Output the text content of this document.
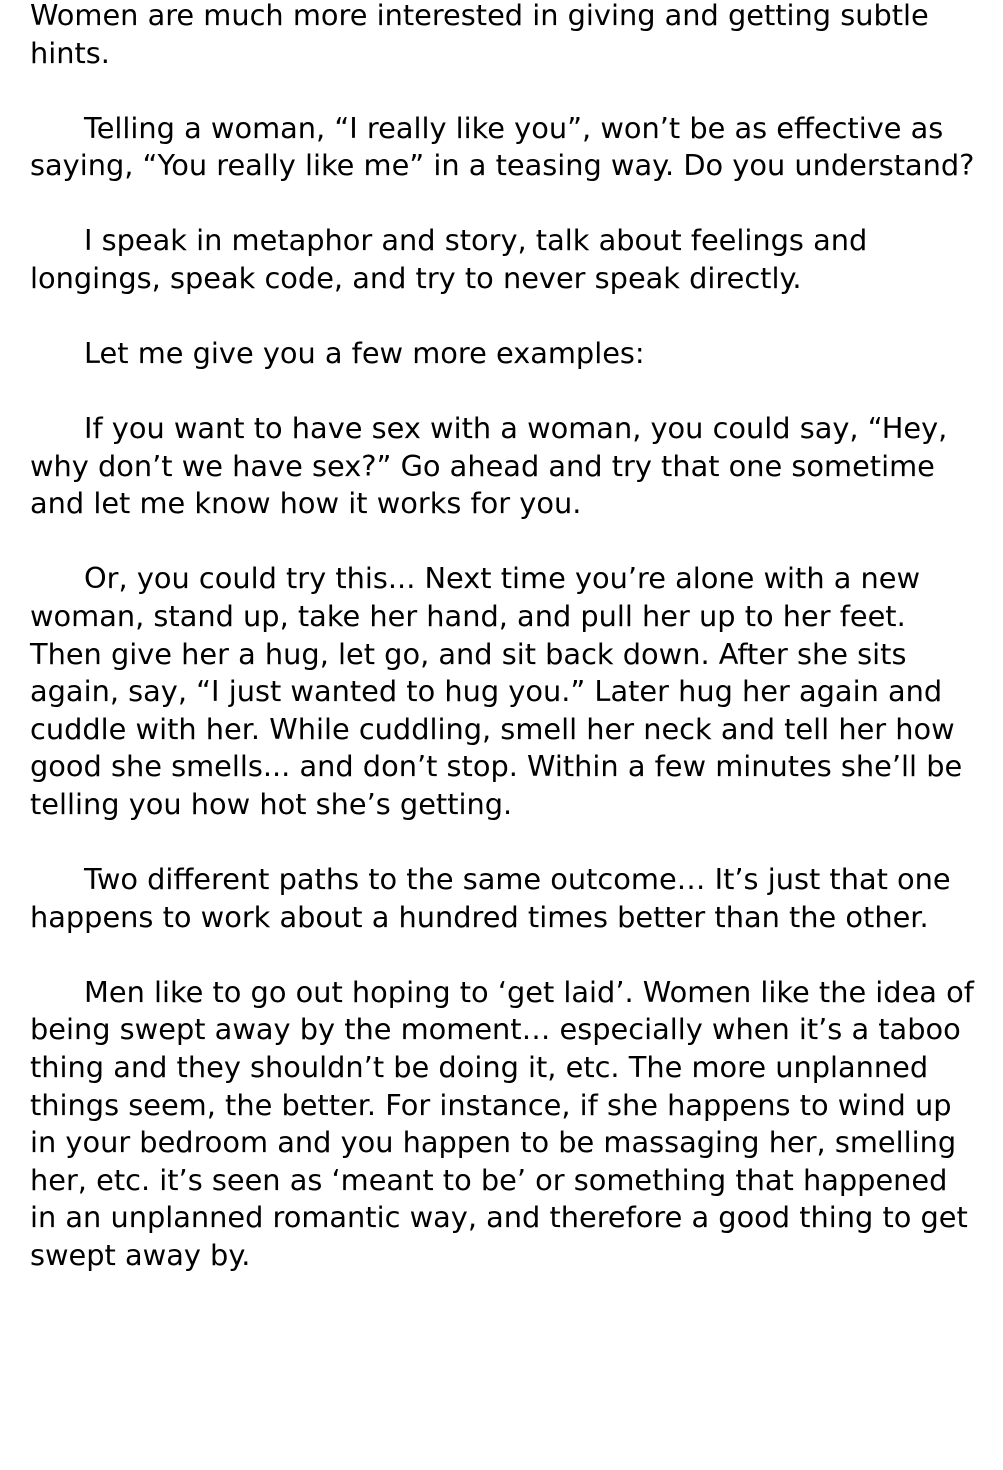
Women are much more interested in giving and getting subtle hints.

Telling a woman, “I really like you”, won’t be as effective as saying, “You really like me” in a teasing way. Do you understand?

I speak in metaphor and story, talk about feelings and longings, speak code, and try to never speak directly.

Let me give you a few more examples:

If you want to have sex with a woman, you could say, “Hey, why don’t we have sex?” Go ahead and try that one sometime and let me know how it works for you.

Or, you could try this... Next time you’re alone with a new woman, stand up, take her hand, and pull her up to her feet. Then give her a hug, let go, and sit back down. After she sits again, say, “I just wanted to hug you.” Later hug her again and cuddle with her. While cuddling, smell her neck and tell her how good she smells... and don’t stop. Within a few minutes she’ll be telling you how hot she’s getting.

Two different paths to the same outcome… It’s just that one happens to work about a hundred times better than the other.

Men like to go out hoping to ‘get laid’. Women like the idea of being swept away by the moment… especially when it’s a taboo thing and they shouldn’t be doing it, etc. The more unplanned things seem, the better. For instance, if she happens to wind up in your bedroom and you happen to be massaging her, smelling her, etc. it’s seen as ‘meant to be’ or something that happened in an unplanned romantic way, and therefore a good thing to get swept away by.
